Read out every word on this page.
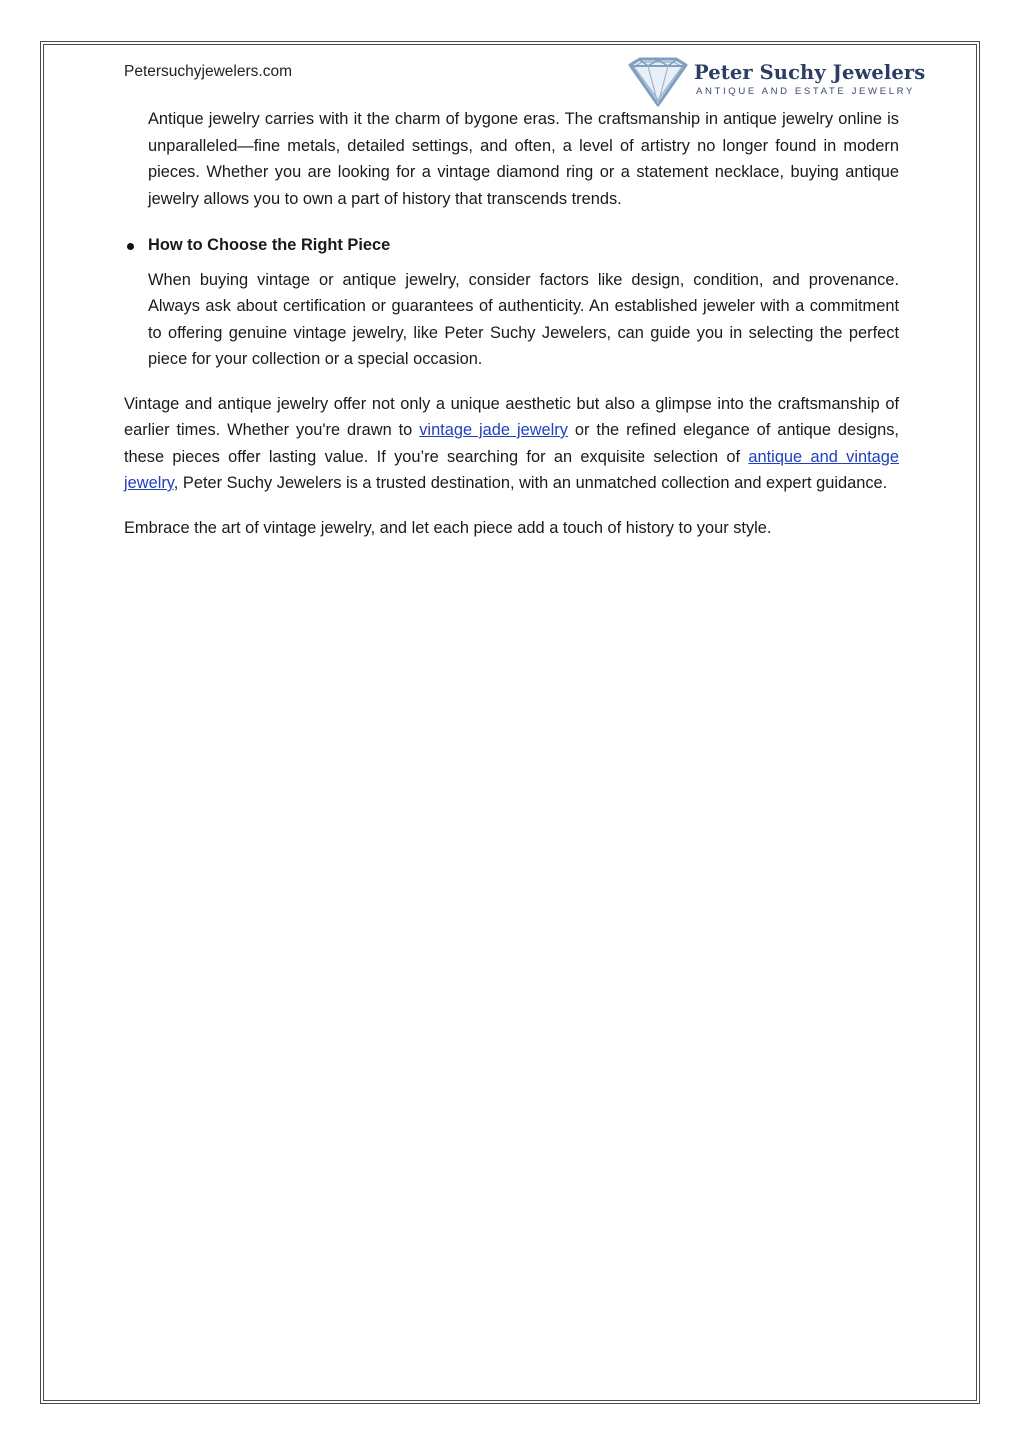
Petersuchyjewelers.com	Peter Suchy Jewelers
ANTIQUE AND ESTATE JEWELRY

Antique jewelry carries with it the charm of bygone eras. The craftsmanship in antique jewelry online is unparalleled—fine metals, detailed settings, and often, a level of artistry no longer found in modern pieces. Whether you are looking for a vintage diamond ring or a statement necklace, buying antique jewelry allows you to own a part of history that transcends trends.

How to Choose the Right Piece

When buying vintage or antique jewelry, consider factors like design, condition, and provenance. Always ask about certification or guarantees of authenticity. An established jeweler with a commitment to offering genuine vintage jewelry, like Peter Suchy Jewelers, can guide you in selecting the perfect piece for your collection or a special occasion.

Vintage and antique jewelry offer not only a unique aesthetic but also a glimpse into the craftsmanship of earlier times. Whether you're drawn to vintage jade jewelry or the refined elegance of antique designs, these pieces offer lasting value. If you’re searching for an exquisite selection of antique and vintage jewelry, Peter Suchy Jewelers is a trusted destination, with an unmatched collection and expert guidance.

Embrace the art of vintage jewelry, and let each piece add a touch of history to your style.
